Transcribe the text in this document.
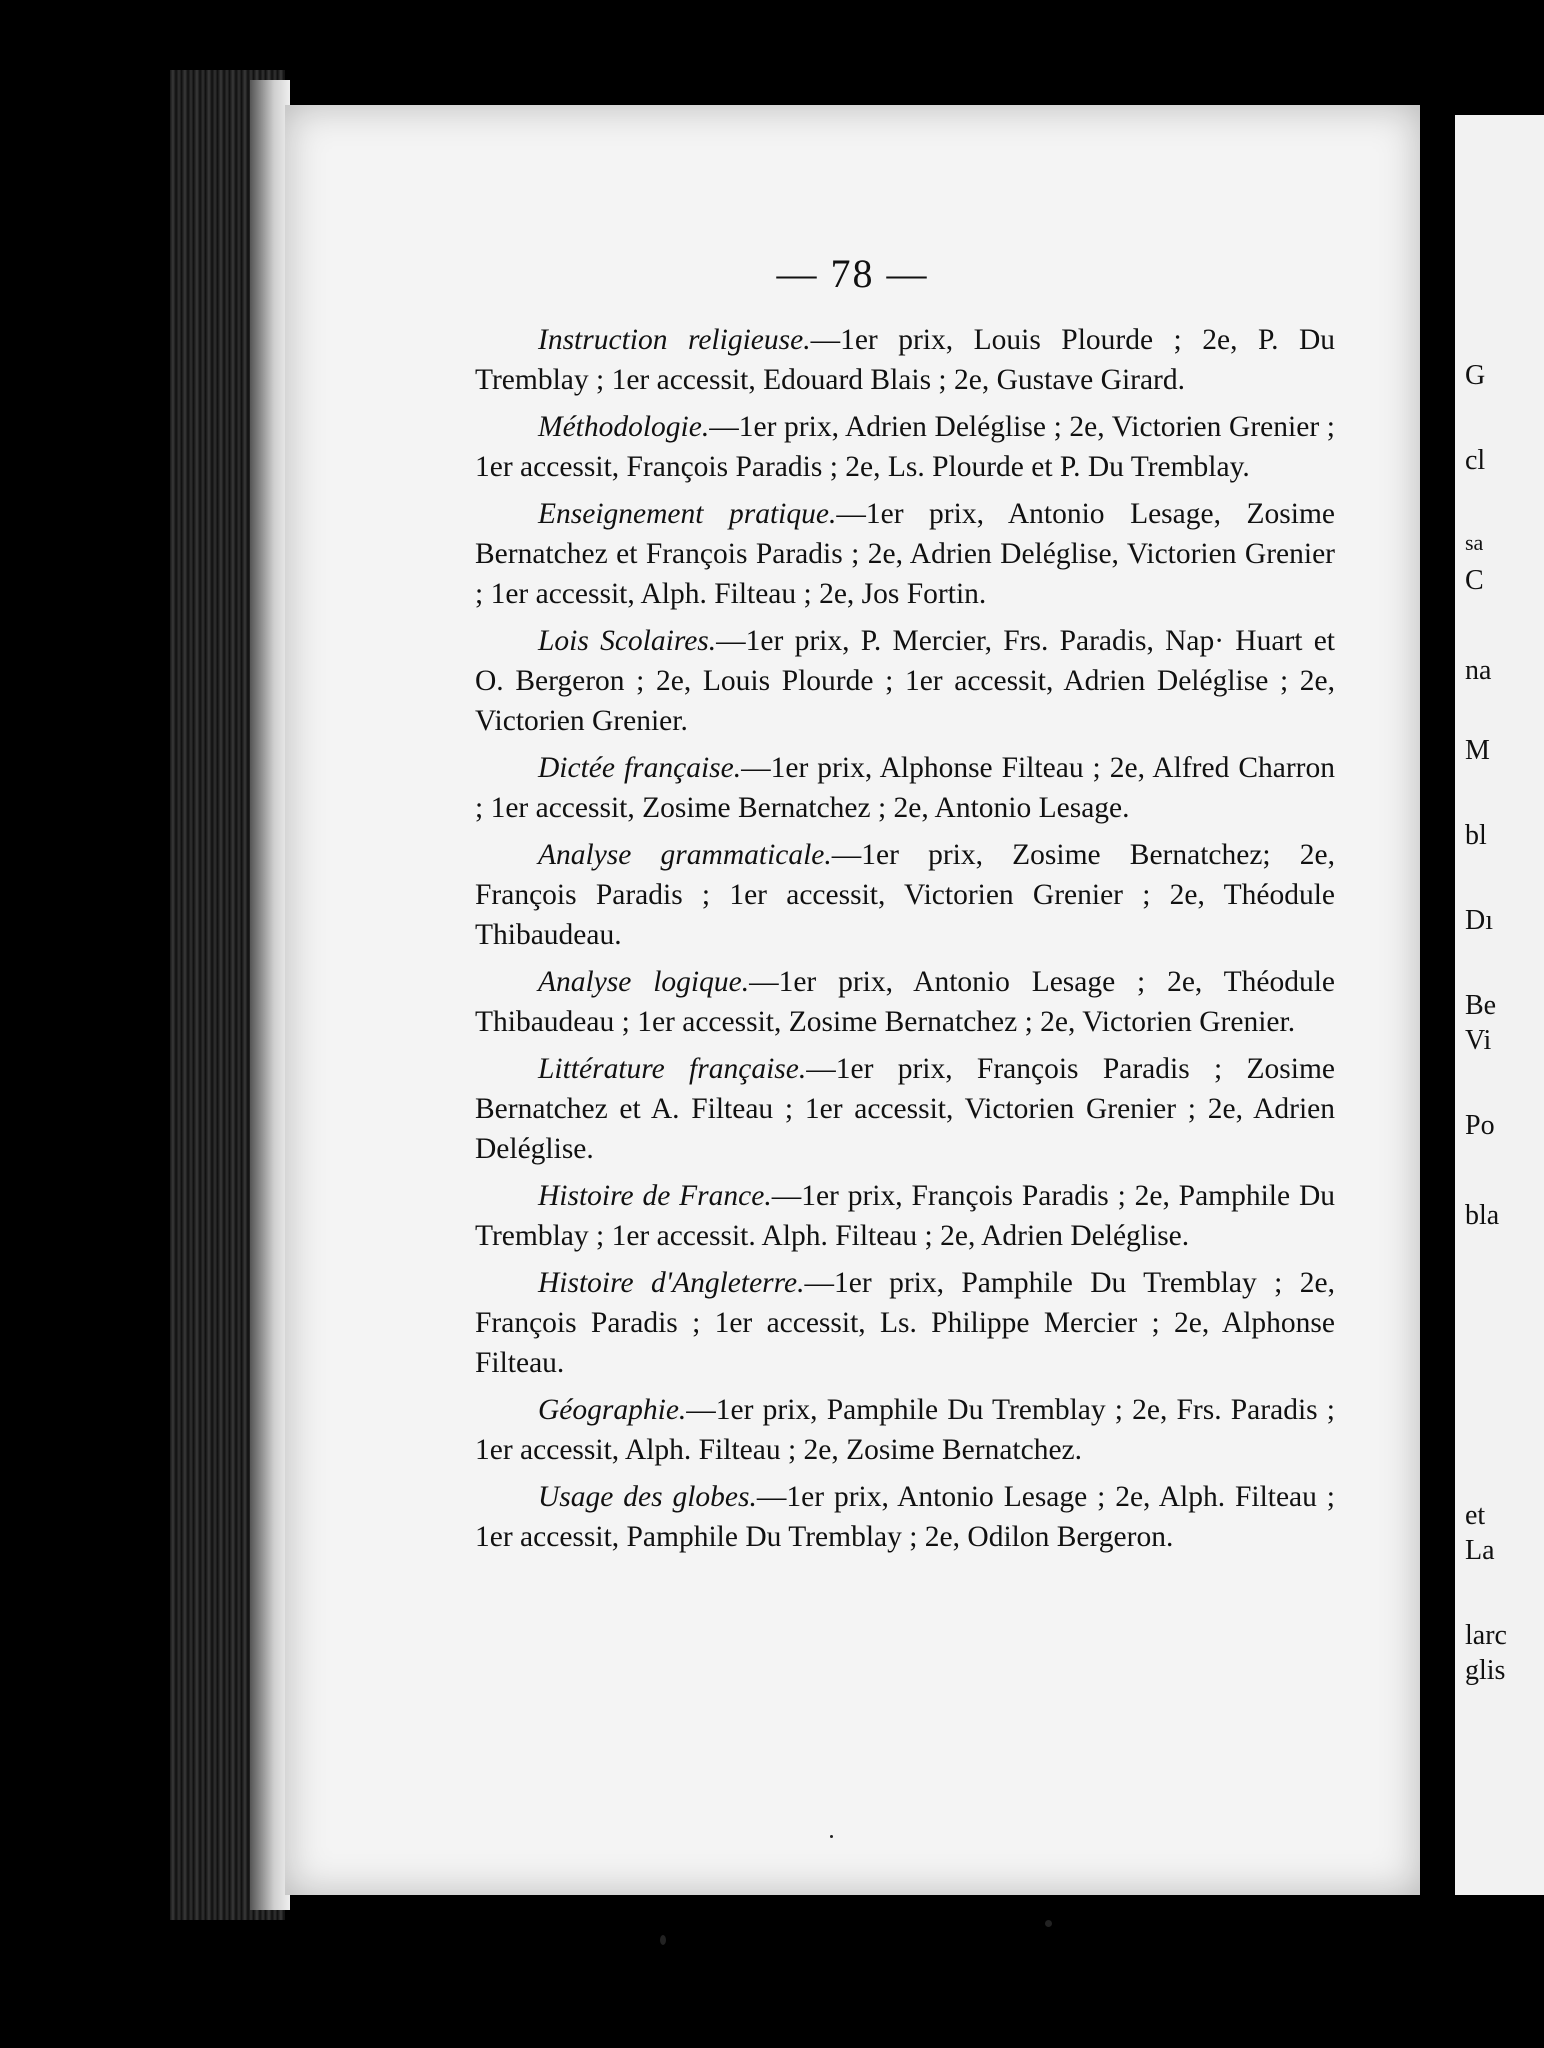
— 78 —

Instruction religieuse.—1er prix, Louis Plourde ; 2e, P. Du Tremblay ; 1er accessit, Edouard Blais ; 2e, Gustave Girard.

Méthodologie.—1er prix, Adrien Deléglise ; 2e, Victorien Grenier ; 1er accessit, François Paradis ; 2e, Ls. Plourde et P. Du Tremblay.

Enseignement pratique.—1er prix, Antonio Lesage, Zosime Bernatchez et François Paradis ; 2e, Adrien Deléglise, Victorien Grenier ; 1er accessit, Alph. Filteau ; 2e, Jos Fortin.

Lois Scolaires.—1er prix, P. Mercier, Frs. Paradis, Nap· Huart et O. Bergeron ; 2e, Louis Plourde ; 1er accessit, Adrien Deléglise ; 2e, Victorien Grenier.

Dictée française.—1er prix, Alphonse Filteau ; 2e, Alfred Charron ; 1er accessit, Zosime Bernatchez ; 2e, Antonio Lesage.

Analyse grammaticale.—1er prix, Zosime Bernatchez; 2e, François Paradis ; 1er accessit, Victorien Grenier ; 2e, Théodule Thibaudeau.

Analyse logique.—1er prix, Antonio Lesage ; 2e, Théodule Thibaudeau ; 1er accessit, Zosime Bernatchez ; 2e, Victorien Grenier.

Littérature française.—1er prix, François Paradis ; Zosime Bernatchez et A. Filteau ; 1er accessit, Victorien Grenier ; 2e, Adrien Deléglise.

Histoire de France.—1er prix, François Paradis ; 2e, Pamphile Du Tremblay ; 1er accessit. Alph. Filteau ; 2e, Adrien Deléglise.

Histoire d'Angleterre.—1er prix, Pamphile Du Tremblay ; 2e, François Paradis ; 1er accessit, Ls. Philippe Mercier ; 2e, Alphonse Filteau.

Géographie.—1er prix, Pamphile Du Tremblay ; 2e, Frs. Paradis ; 1er accessit, Alph. Filteau ; 2e, Zosime Bernatchez.

Usage des globes.—1er prix, Antonio Lesage ; 2e, Alph. Filteau ; 1er accessit, Pamphile Du Tremblay ; 2e, Odilon Bergeron.

G
cl
sa
C
na
M
bl
Dı
Be
Vi
Po
bla
et
La
larc
glis
